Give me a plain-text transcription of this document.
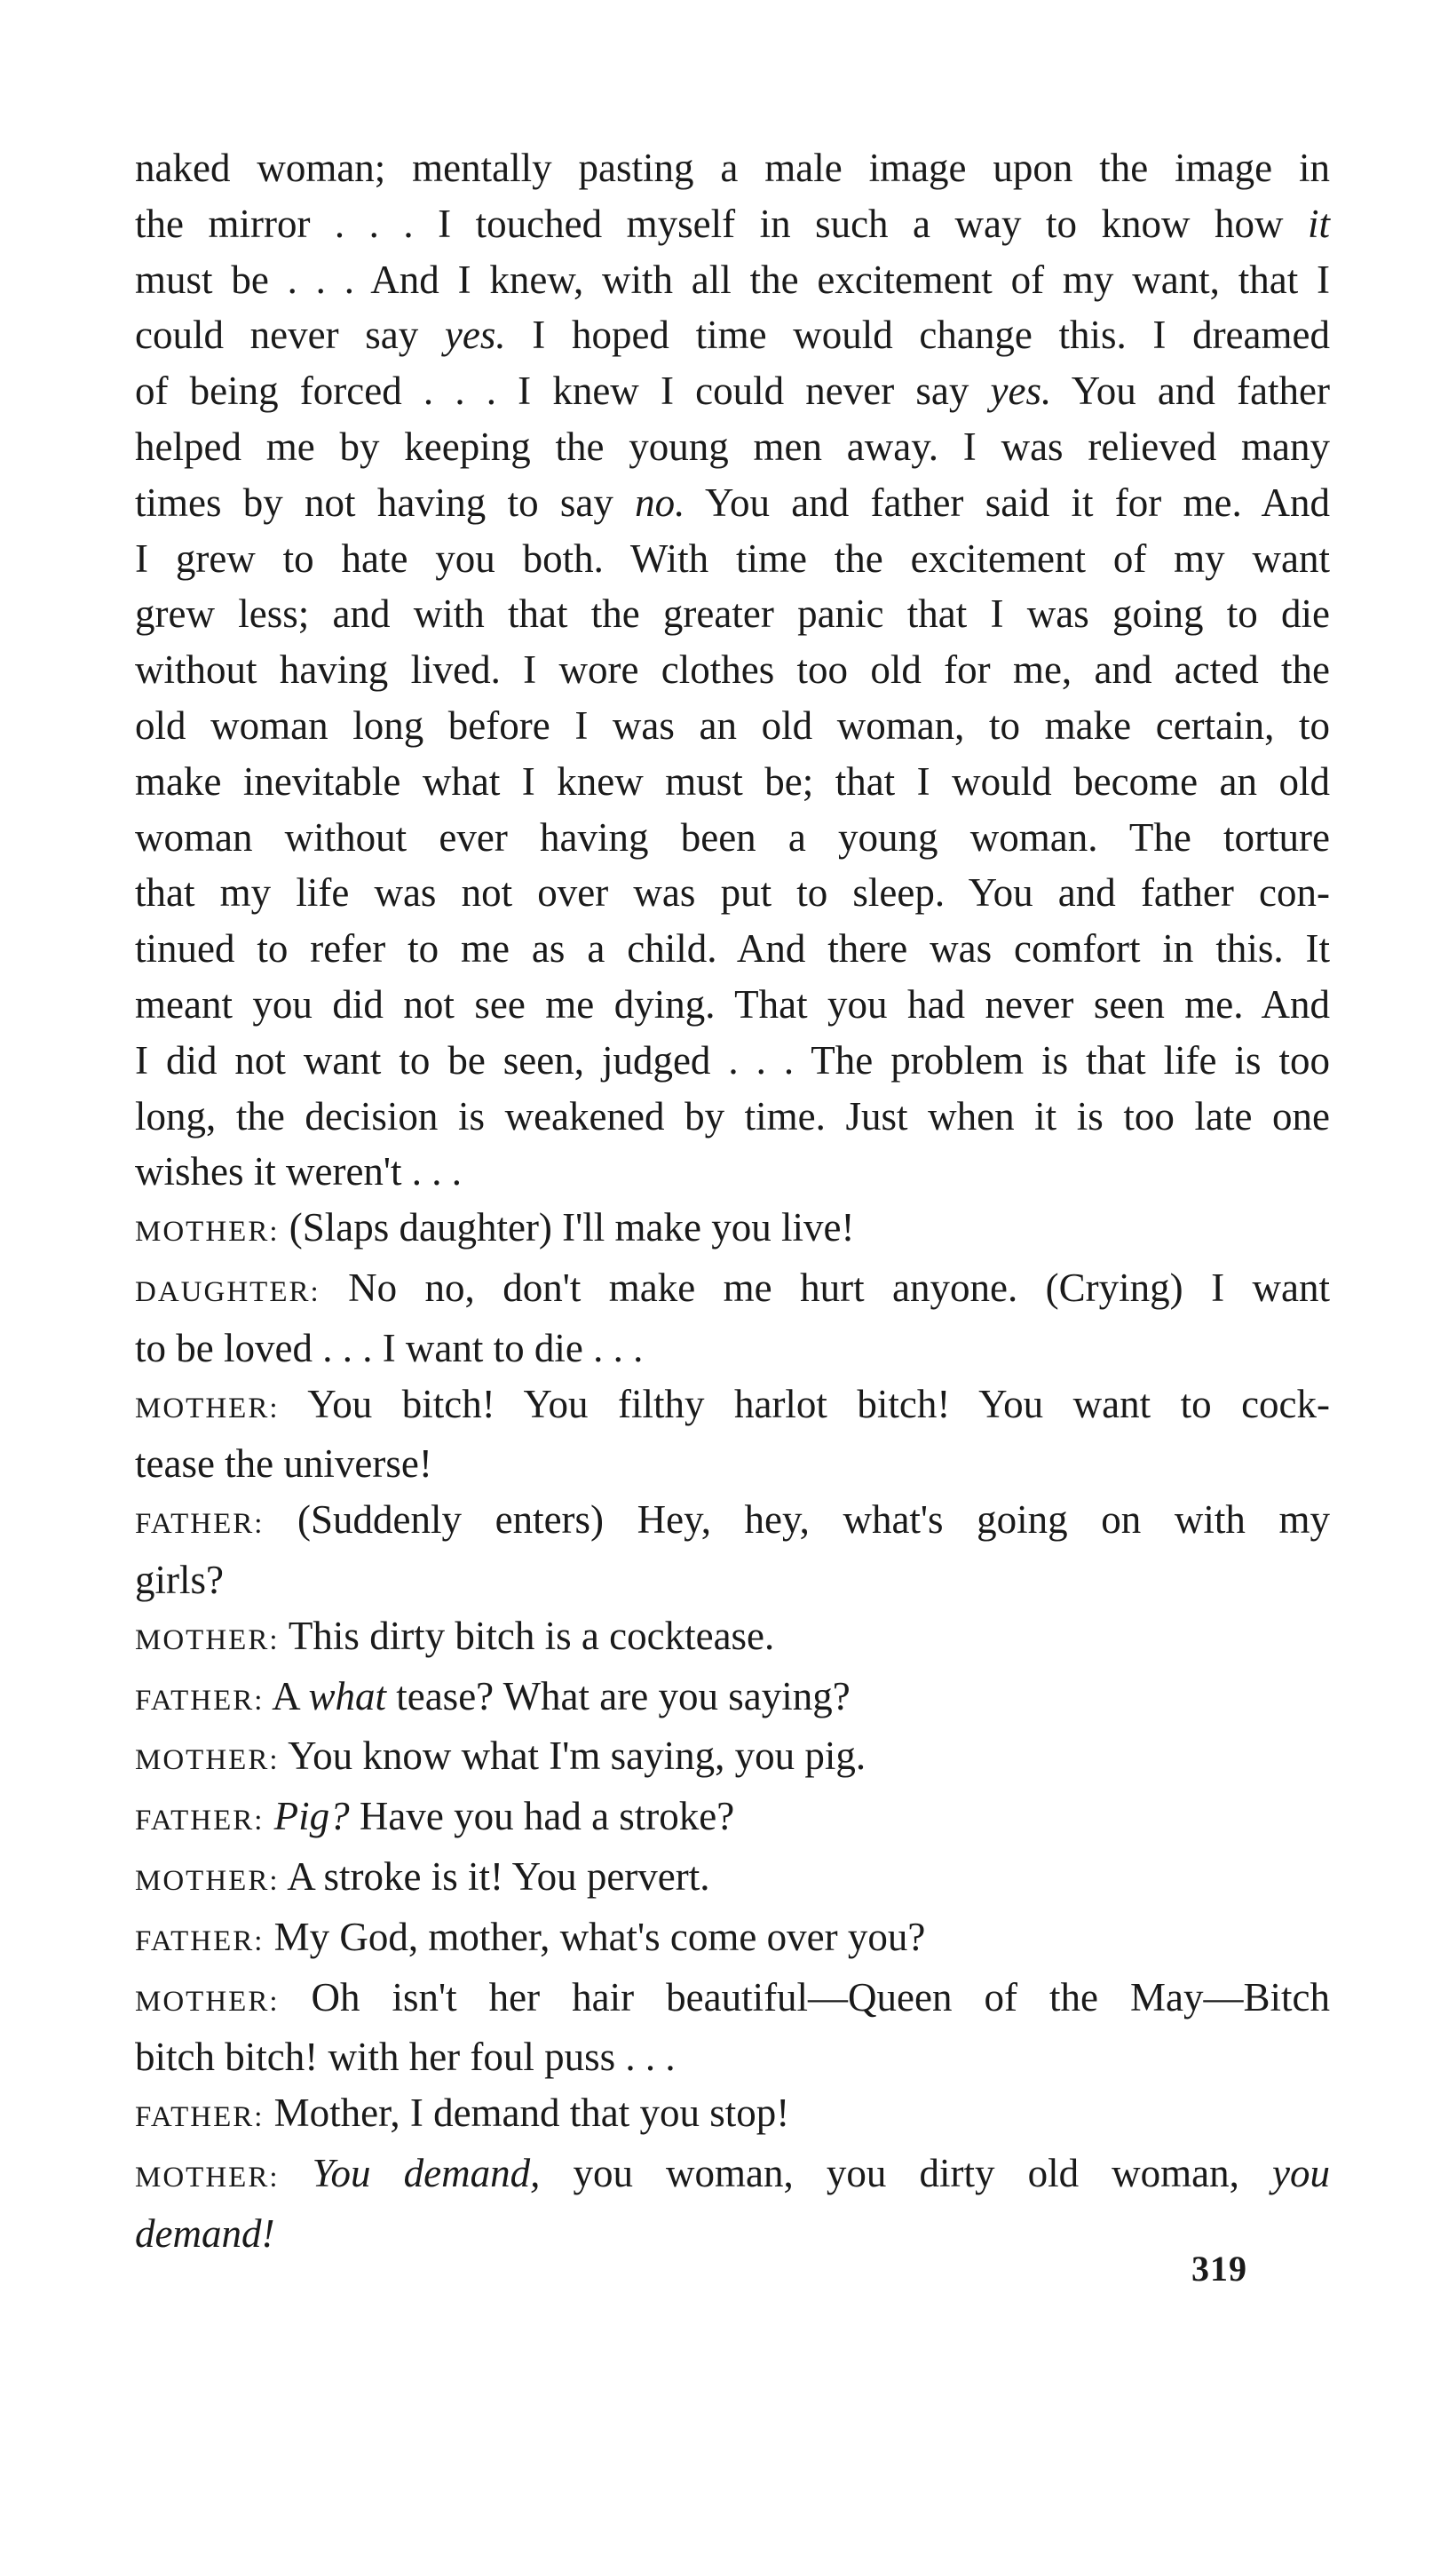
naked woman; mentally pasting a male image upon the image in
the mirror . . . I touched myself in such a way to know how it
must be . . . And I knew, with all the excitement of my want, that I
could never say yes. I hoped time would change this. I dreamed
of being forced . . . I knew I could never say yes. You and father
helped me by keeping the young men away. I was relieved many
times by not having to say no. You and father said it for me. And
I grew to hate you both. With time the excitement of my want
grew less; and with that the greater panic that I was going to die
without having lived. I wore clothes too old for me, and acted the
old woman long before I was an old woman, to make certain, to
make inevitable what I knew must be; that I would become an old
woman without ever having been a young woman. The torture
that my life was not over was put to sleep. You and father con-
tinued to refer to me as a child. And there was comfort in this. It
meant you did not see me dying. That you had never seen me. And
I did not want to be seen, judged . . . The problem is that life is too
long, the decision is weakened by time. Just when it is too late one
wishes it weren't . . .
MOTHER: (Slaps daughter) I'll make you live!
DAUGHTER: No no, don't make me hurt anyone. (Crying) I want
to be loved . . . I want to die . . .
MOTHER: You bitch! You filthy harlot bitch! You want to cock-
tease the universe!
FATHER: (Suddenly enters) Hey, hey, what's going on with my
girls?
MOTHER: This dirty bitch is a cocktease.
FATHER: A what tease? What are you saying?
MOTHER: You know what I'm saying, you pig.
FATHER: Pig? Have you had a stroke?
MOTHER: A stroke is it! You pervert.
FATHER: My God, mother, what's come over you?
MOTHER: Oh isn't her hair beautiful—Queen of the May—Bitch
bitch bitch! with her foul puss . . .
FATHER: Mother, I demand that you stop!
MOTHER: You demand, you woman, you dirty old woman, you
demand!
319
